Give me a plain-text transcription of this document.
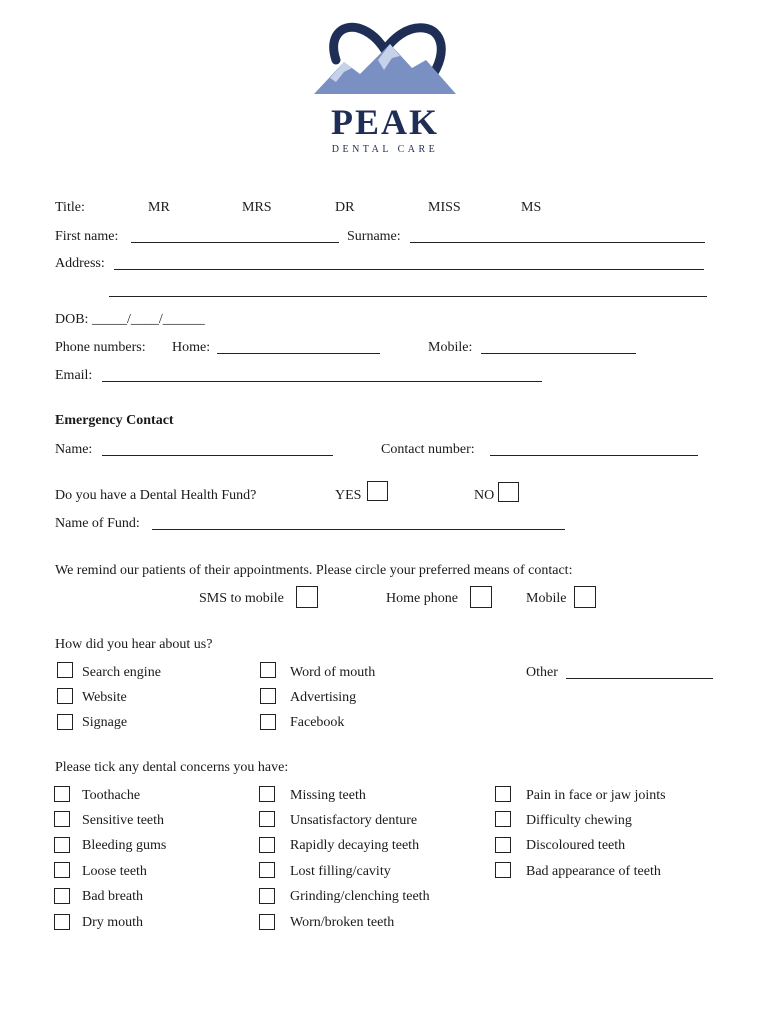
PEAK
DENTAL CARE
Title:	MR	MRS	DR	MISS	MS
First name:	Surname:
Address:
DOB: _____/____/______
Phone numbers: Home:	Mobile:
Email:
Emergency Contact
Name:	Contact number:
Do you have a Dental Health Fund?	YES	NO
Name of Fund:
We remind our patients of their appointments. Please circle your preferred means of contact:
SMS to mobile	Home phone	Mobile
How did you hear about us?
Search engine
Website
Signage
Word of mouth
Advertising
Facebook
Other
Please tick any dental concerns you have:
Toothache
Sensitive teeth
Bleeding gums
Loose teeth
Bad breath
Dry mouth
Missing teeth
Unsatisfactory denture
Rapidly decaying teeth
Lost filling/cavity
Grinding/clenching teeth
Worn/broken teeth
Pain in face or jaw joints
Difficulty chewing
Discoloured teeth
Bad appearance of teeth
